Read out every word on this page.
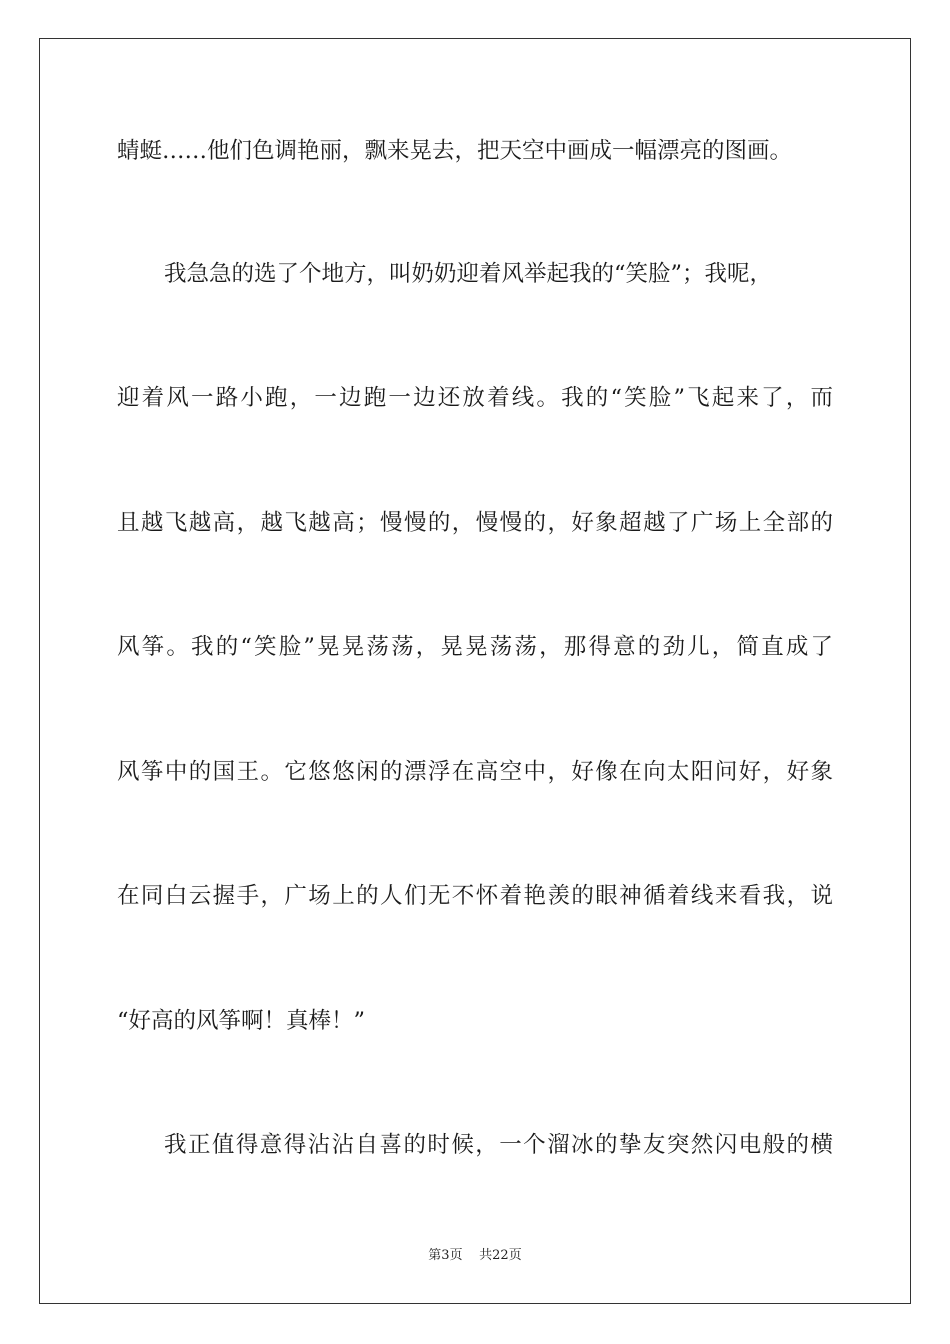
蜻蜓……他们色调艳丽，飘来晃去，把天空中画成一幅漂亮的图画。
我急急的选了个地方，叫奶奶迎着风举起我的“笑脸”；我呢，
迎着风一路小跑，一边跑一边还放着线。我的“笑脸”飞起来了，而
且越飞越高，越飞越高；慢慢的，慢慢的，好象超越了广场上全部的
风筝。我的“笑脸”晃晃荡荡，晃晃荡荡，那得意的劲儿，简直成了
风筝中的国王。它悠悠闲的漂浮在高空中，好像在向太阳问好，好象
在同白云握手，广场上的人们无不怀着艳羡的眼神循着线来看我，说
“好高的风筝啊！真棒！”
我正值得意得沾沾自喜的时候，一个溜冰的挚友突然闪电般的横
第3页 共22页
